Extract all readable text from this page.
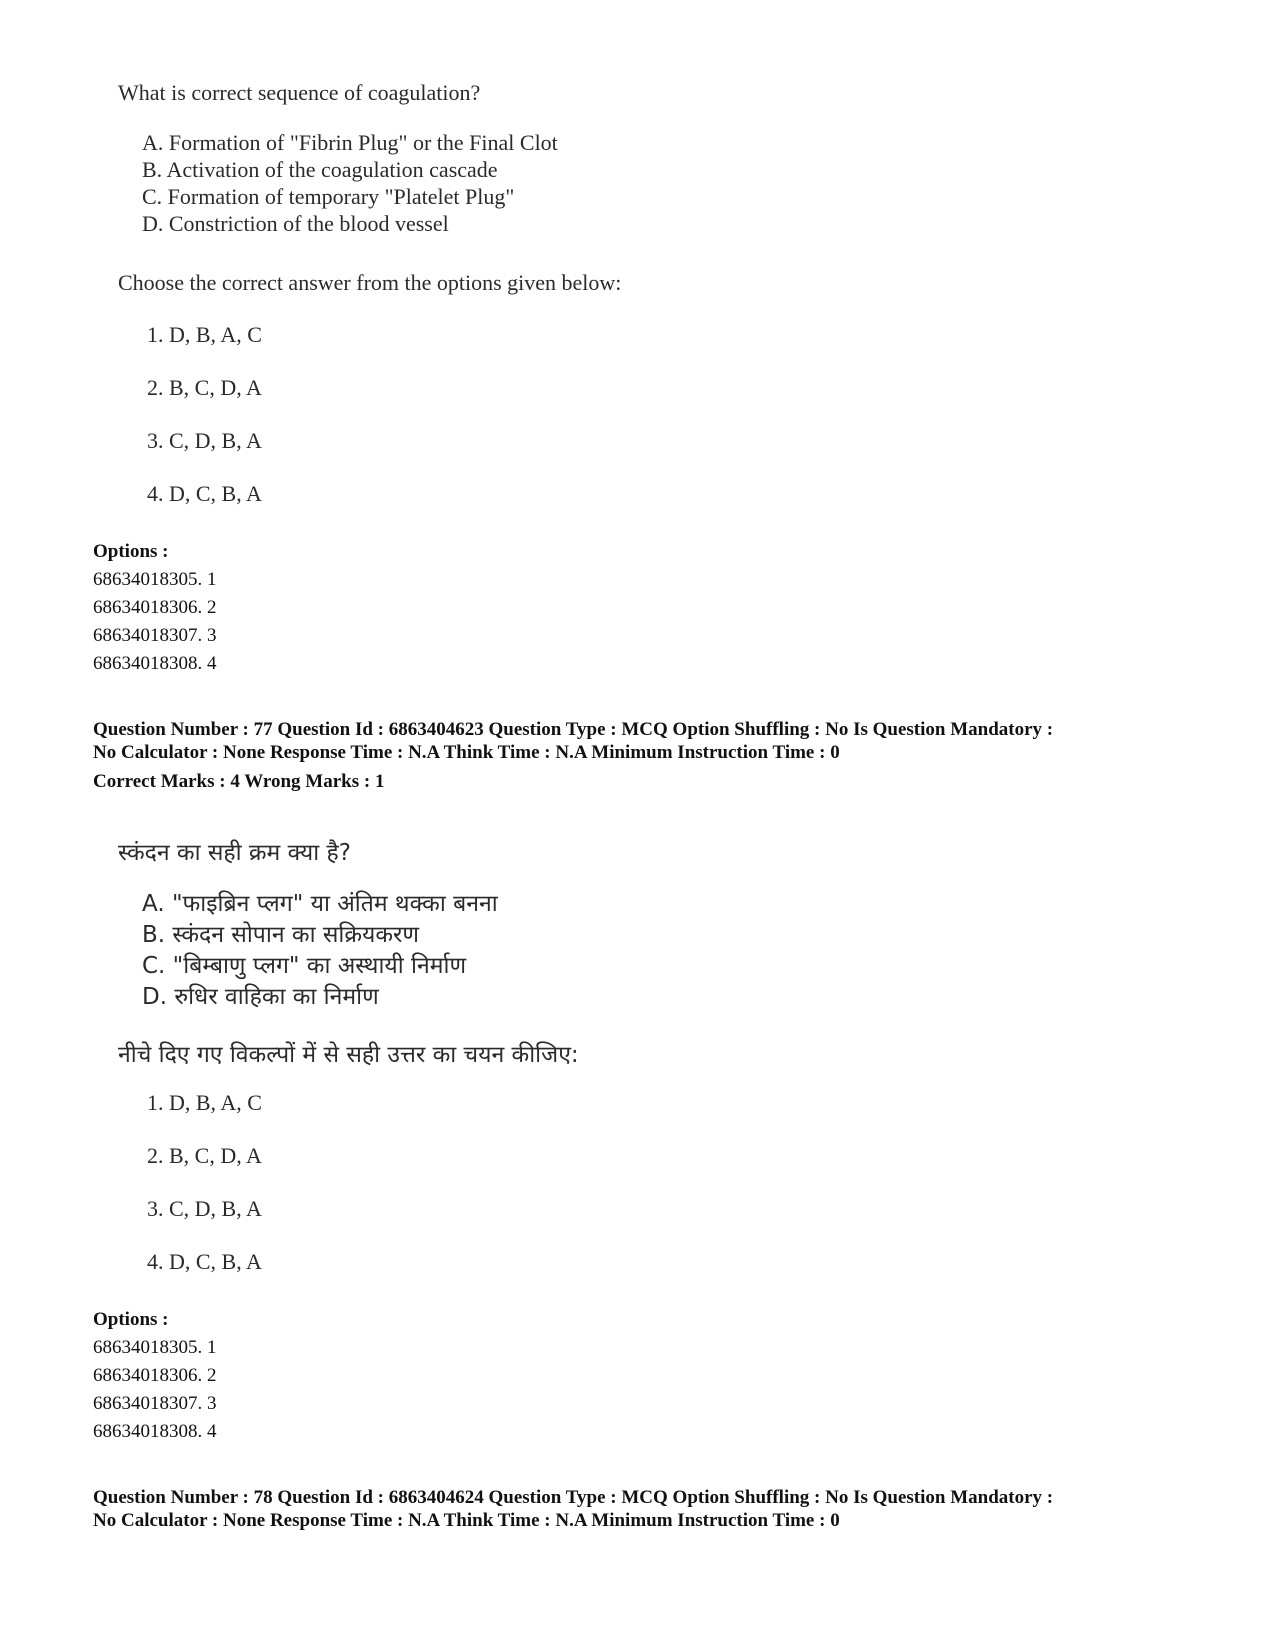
What is correct sequence of coagulation?
A. Formation of "Fibrin Plug" or the Final Clot
B. Activation of the coagulation cascade
C. Formation of temporary "Platelet Plug"
D. Constriction of the blood vessel
Choose the correct answer from the options given below:
1. D, B, A, C
2. B, C, D, A
3. C, D, B, A
4. D, C, B, A
Options :
68634018305. 1
68634018306. 2
68634018307. 3
68634018308. 4
Question Number : 77 Question Id : 6863404623 Question Type : MCQ Option Shuffling : No Is Question Mandatory :
No Calculator : None Response Time : N.A Think Time : N.A Minimum Instruction Time : 0
Correct Marks : 4 Wrong Marks : 1
स्कंदन का सही क्रम क्या है?
A. "फाइब्रिन प्लग" या अंतिम थक्का बनना
B. स्कंदन सोपान का सक्रियकरण
C. "बिम्बाणु प्लग" का अस्थायी निर्माण
D. रुधिर वाहिका का निर्माण
नीचे दिए गए विकल्पों में से सही उत्तर का चयन कीजिए:
1. D, B, A, C
2. B, C, D, A
3. C, D, B, A
4. D, C, B, A
Options :
68634018305. 1
68634018306. 2
68634018307. 3
68634018308. 4
Question Number : 78 Question Id : 6863404624 Question Type : MCQ Option Shuffling : No Is Question Mandatory :
No Calculator : None Response Time : N.A Think Time : N.A Minimum Instruction Time : 0
